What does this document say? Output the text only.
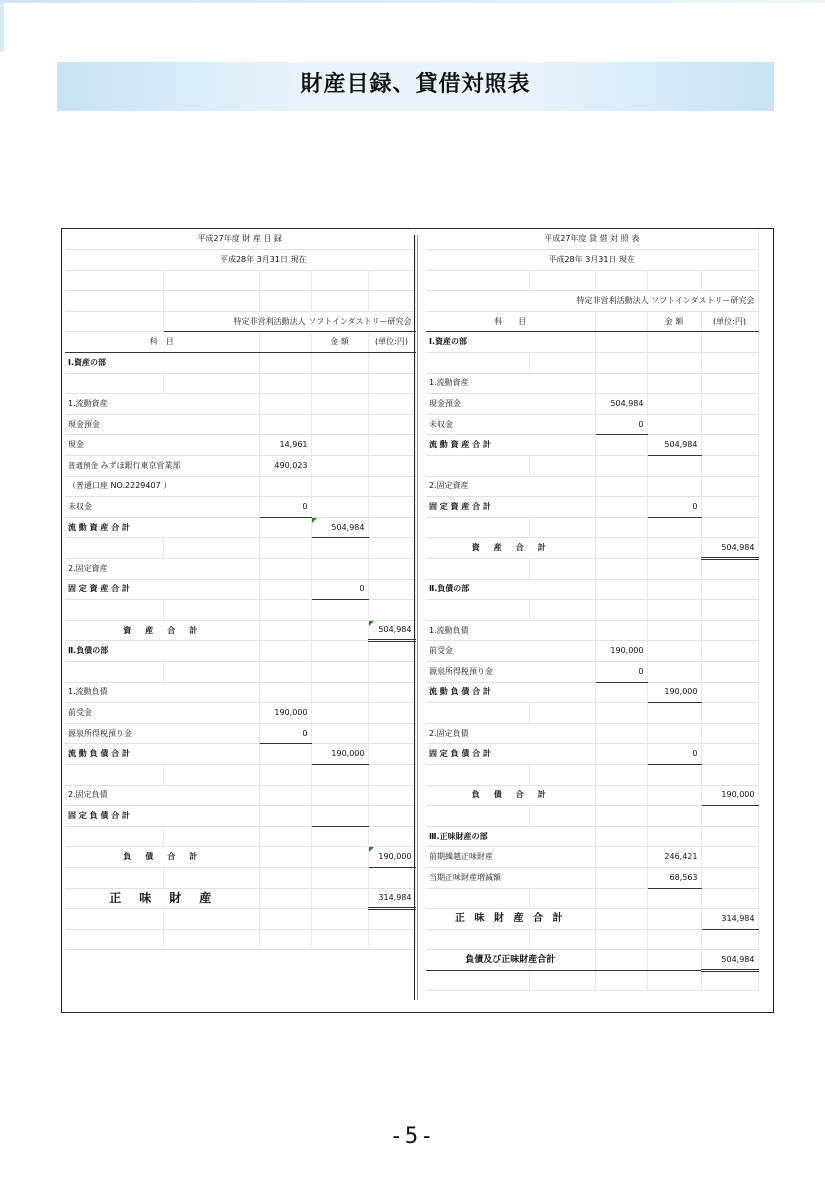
財産目録、貸借対照表
平成27年度 財 産 目 録				
平成28年 3月31日 現在				

	特定非営利活動法人 ソフトインダストリー研究会			
科　目			金 額	(単位:円)
Ⅰ.資産の部				

1.流動資産				
現金預金				
現金		14,961		
普通預金 みずほ銀行東京営業部		490,023		
（普通口座 NO.2229407 ）				
未収金		0		
流 動 資 産 合 計			504,984	

2.固定資産				
固 定 資 産 合 計			0	

資　産　合　計				504,984
Ⅱ.負債の部				

1.流動負債				
前受金		190,000		
源泉所得税預り金		0		
流 動 負 債 合 計			190,000	

2.固定負債				
固 定 負 債 合 計				

負　債　合　計				190,000

正　味　財　産				314,984

平成27年度 貸 借 対 照 表				
平成28年 3月31日 現在				

特定非営利活動法人 ソフトインダストリー研究会				
科　　目			金 額	(単位:円)
Ⅰ.資産の部				

1.流動資産				
現金預金		504,984		
未収金		0		
流 動 資 産 合 計			504,984	

2.固定資産				
固 定 資 産 合 計			0	

資　産　合　計				504,984

Ⅱ.負債の部				

1.流動負債				
前受金		190,000		
源泉所得税預り金		0		
流 動 負 債 合 計			190,000	

2.固定負債				
固 定 負 債 合 計			0	

負　債　合　計				190,000

Ⅲ.正味財産の部				
前期繰越正味財産			246,421	
当期正味財産増減額			68,563	

正 味 財 産 合 計				314,984

負債及び正味財産合計				504,984

-5-
